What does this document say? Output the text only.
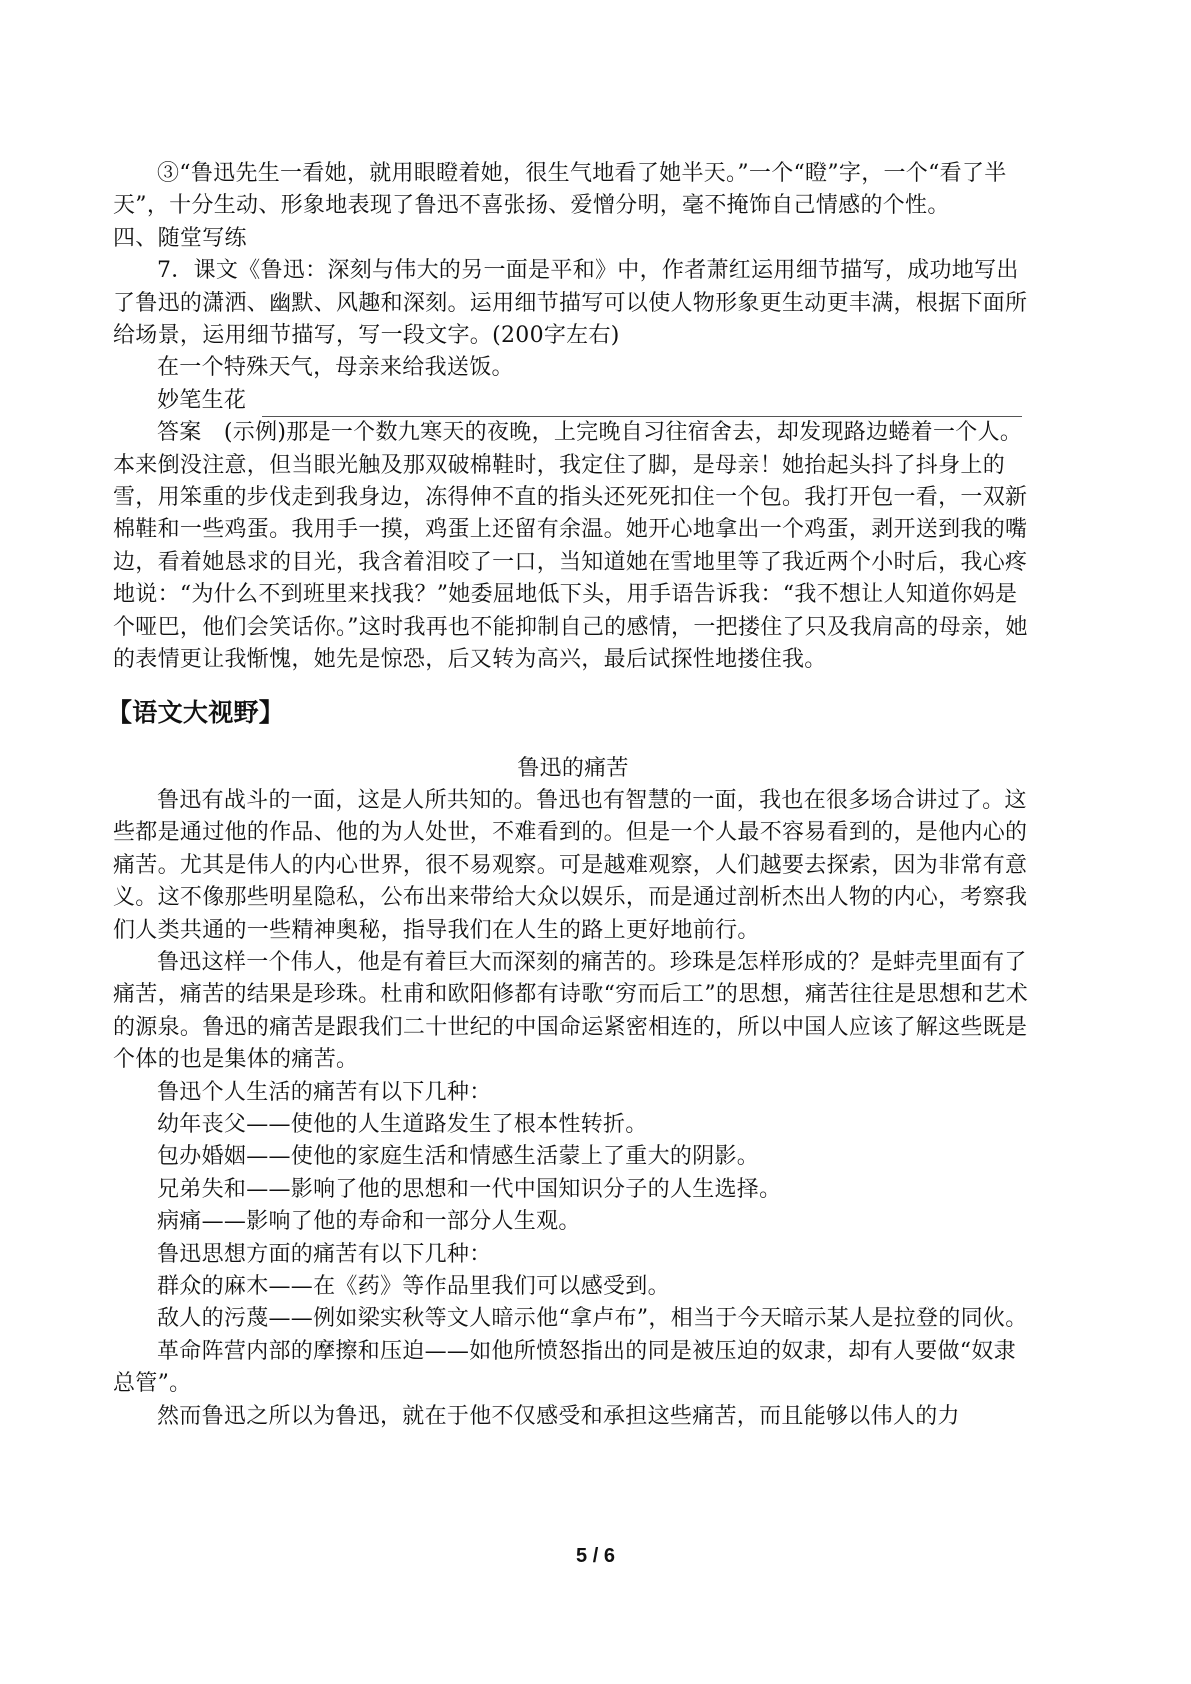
③“鲁迅先生一看她，就用眼瞪着她，很生气地看了她半天。”一个“瞪”字，一个“看了半天”，十分生动、形象地表现了鲁迅不喜张扬、爱憎分明，毫不掩饰自己情感的个性。

四、随堂写练

7．课文《鲁迅：深刻与伟大的另一面是平和》中，作者萧红运用细节描写，成功地写出了鲁迅的潇洒、幽默、风趣和深刻。运用细节描写可以使人物形象更生动更丰满，根据下面所给场景，运用细节描写，写一段文字。(200字左右)

在一个特殊天气，母亲来给我送饭。

妙笔生花

答案　(示例)那是一个数九寒天的夜晚，上完晚自习往宿舍去，却发现路边蜷着一个人。本来倒没注意，但当眼光触及那双破棉鞋时，我定住了脚，是母亲！她抬起头抖了抖身上的雪，用笨重的步伐走到我身边，冻得伸不直的指头还死死扣住一个包。我打开包一看，一双新棉鞋和一些鸡蛋。我用手一摸，鸡蛋上还留有余温。她开心地拿出一个鸡蛋，剥开送到我的嘴边，看着她恳求的目光，我含着泪咬了一口，当知道她在雪地里等了我近两个小时后，我心疼地说：“为什么不到班里来找我？”她委屈地低下头，用手语告诉我：“我不想让人知道你妈是个哑巴，他们会笑话你。”这时我再也不能抑制自己的感情，一把搂住了只及我肩高的母亲，她的表情更让我惭愧，她先是惊恐，后又转为高兴，最后试探性地搂住我。

【语文大视野】

鲁迅的痛苦

鲁迅有战斗的一面，这是人所共知的。鲁迅也有智慧的一面，我也在很多场合讲过了。这些都是通过他的作品、他的为人处世，不难看到的。但是一个人最不容易看到的，是他内心的痛苦。尤其是伟人的内心世界，很不易观察。可是越难观察，人们越要去探索，因为非常有意义。这不像那些明星隐私，公布出来带给大众以娱乐，而是通过剖析杰出人物的内心，考察我们人类共通的一些精神奥秘，指导我们在人生的路上更好地前行。

鲁迅这样一个伟人，他是有着巨大而深刻的痛苦的。珍珠是怎样形成的？是蚌壳里面有了痛苦，痛苦的结果是珍珠。杜甫和欧阳修都有诗歌“穷而后工”的思想，痛苦往往是思想和艺术的源泉。鲁迅的痛苦是跟我们二十世纪的中国命运紧密相连的，所以中国人应该了解这些既是个体的也是集体的痛苦。

鲁迅个人生活的痛苦有以下几种：

幼年丧父——使他的人生道路发生了根本性转折。

包办婚姻——使他的家庭生活和情感生活蒙上了重大的阴影。

兄弟失和——影响了他的思想和一代中国知识分子的人生选择。

病痛——影响了他的寿命和一部分人生观。

鲁迅思想方面的痛苦有以下几种：

群众的麻木——在《药》等作品里我们可以感受到。

敌人的污蔑——例如梁实秋等文人暗示他“拿卢布”，相当于今天暗示某人是拉登的同伙。

革命阵营内部的摩擦和压迫——如他所愤怒指出的同是被压迫的奴隶，却有人要做“奴隶总管”。

然而鲁迅之所以为鲁迅，就在于他不仅感受和承担这些痛苦，而且能够以伟人的力

5 / 6
